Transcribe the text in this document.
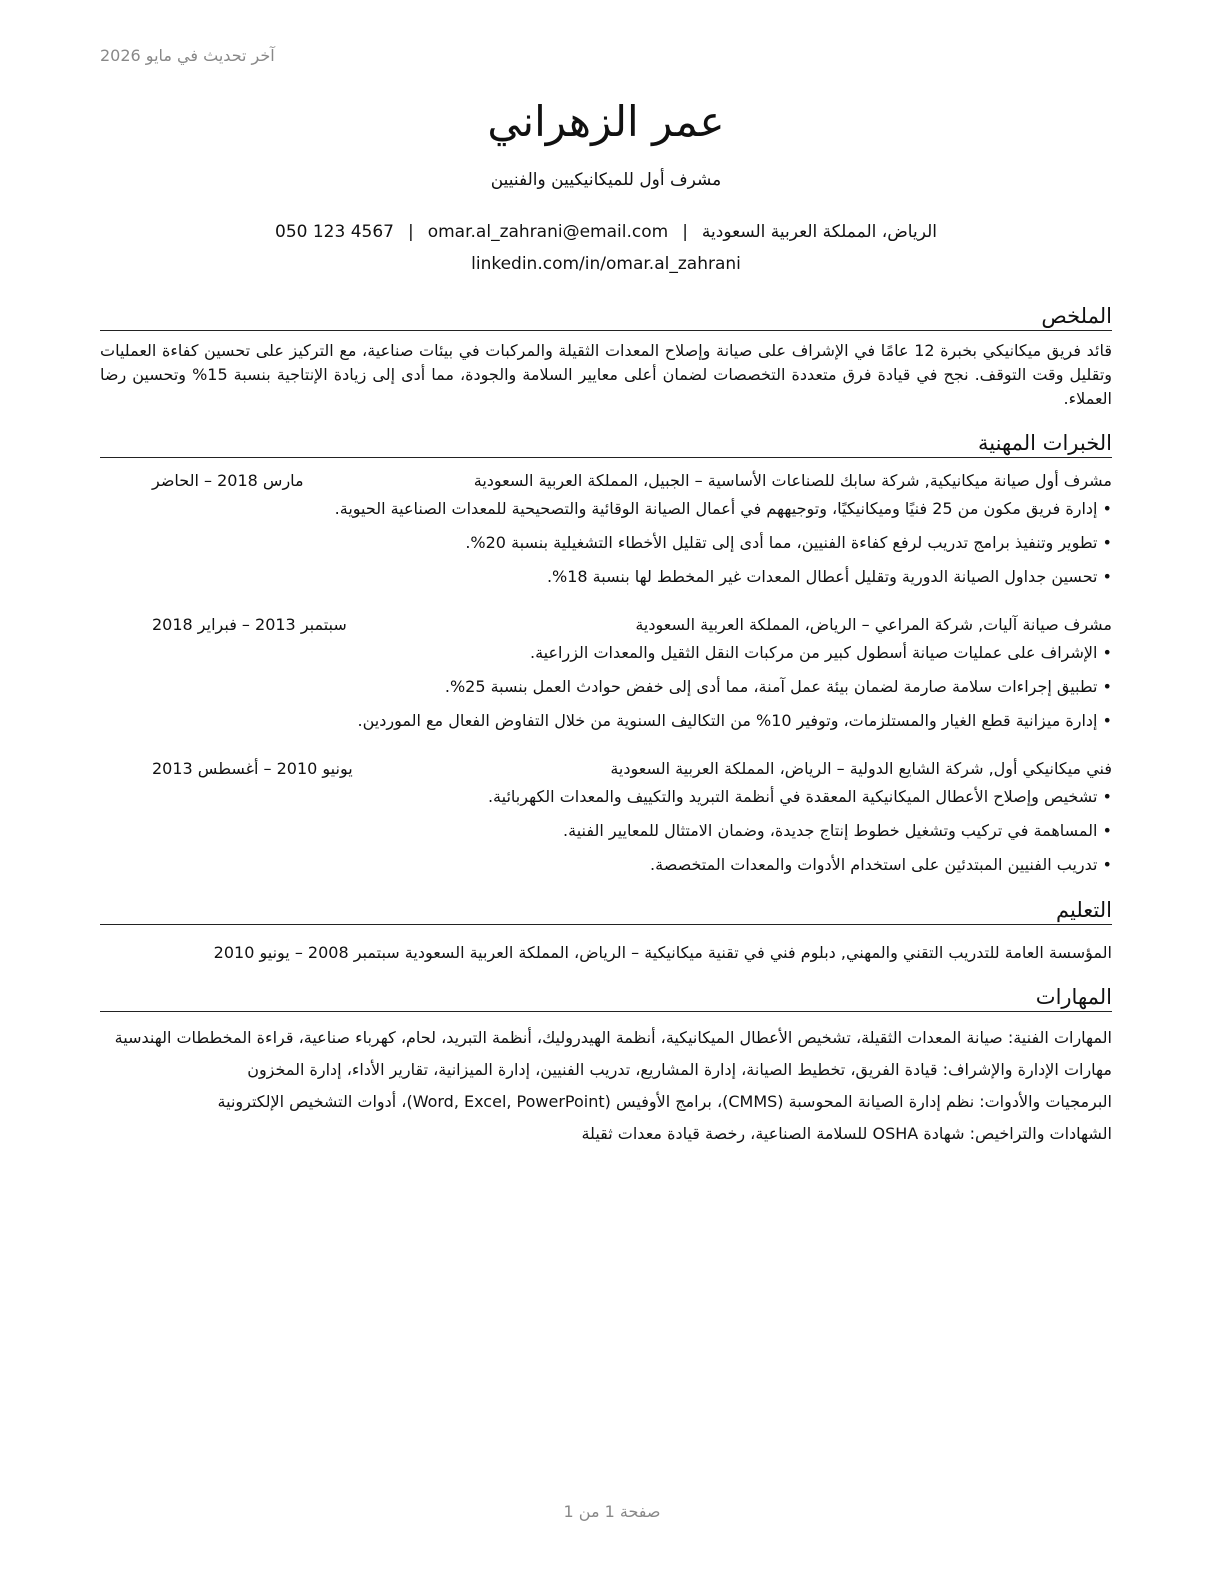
آخر تحديث في مايو 2026
عمر الزهراني
مشرف أول للميكانيكيين والفنيين
الرياض، المملكة العربية السعودية|omar.al_zahrani@email.com|050 123 4567
linkedin.com/in/omar.al_zahrani
الملخص
قائد فريق ميكانيكي بخبرة 12 عامًا في الإشراف على صيانة وإصلاح المعدات الثقيلة والمركبات في بيئات صناعية، مع التركيز على تحسين كفاءة العمليات وتقليل وقت التوقف. نجح في قيادة فرق متعددة التخصصات لضمان أعلى معايير السلامة والجودة، مما أدى إلى زيادة الإنتاجية بنسبة 15% وتحسين رضا العملاء.
الخبرات المهنية
مشرف أول صيانة ميكانيكية, شركة سابك للصناعات الأساسية – الجبيل، المملكة العربية السعودية
مارس 2018 – الحاضر
• إدارة فريق مكون من 25 فنيًا وميكانيكيًا، وتوجيههم في أعمال الصيانة الوقائية والتصحيحية للمعدات الصناعية الحيوية.
• تطوير وتنفيذ برامج تدريب لرفع كفاءة الفنيين، مما أدى إلى تقليل الأخطاء التشغيلية بنسبة 20%.
• تحسين جداول الصيانة الدورية وتقليل أعطال المعدات غير المخطط لها بنسبة 18%.
مشرف صيانة آليات, شركة المراعي – الرياض، المملكة العربية السعودية
سبتمبر 2013 – فبراير 2018
• الإشراف على عمليات صيانة أسطول كبير من مركبات النقل الثقيل والمعدات الزراعية.
• تطبيق إجراءات سلامة صارمة لضمان بيئة عمل آمنة، مما أدى إلى خفض حوادث العمل بنسبة 25%.
• إدارة ميزانية قطع الغيار والمستلزمات، وتوفير 10% من التكاليف السنوية من خلال التفاوض الفعال مع الموردين.
فني ميكانيكي أول, شركة الشايع الدولية – الرياض، المملكة العربية السعودية
يونيو 2010 – أغسطس 2013
• تشخيص وإصلاح الأعطال الميكانيكية المعقدة في أنظمة التبريد والتكييف والمعدات الكهربائية.
• المساهمة في تركيب وتشغيل خطوط إنتاج جديدة، وضمان الامتثال للمعايير الفنية.
• تدريب الفنيين المبتدئين على استخدام الأدوات والمعدات المتخصصة.
التعليم
المؤسسة العامة للتدريب التقني والمهني, دبلوم فني في تقنية ميكانيكية – الرياض، المملكة العربية السعودية سبتمبر 2008 – يونيو 2010
المهارات
المهارات الفنية: صيانة المعدات الثقيلة، تشخيص الأعطال الميكانيكية، أنظمة الهيدروليك، أنظمة التبريد، لحام، كهرباء صناعية، قراءة المخططات الهندسية
مهارات الإدارة والإشراف: قيادة الفريق، تخطيط الصيانة، إدارة المشاريع، تدريب الفنيين، إدارة الميزانية، تقارير الأداء، إدارة المخزون
البرمجيات والأدوات: نظم إدارة الصيانة المحوسبة (CMMS)، برامج الأوفيس (Word, Excel, PowerPoint)، أدوات التشخيص الإلكترونية
الشهادات والتراخيص: شهادة OSHA للسلامة الصناعية، رخصة قيادة معدات ثقيلة
صفحة 1 من 1
